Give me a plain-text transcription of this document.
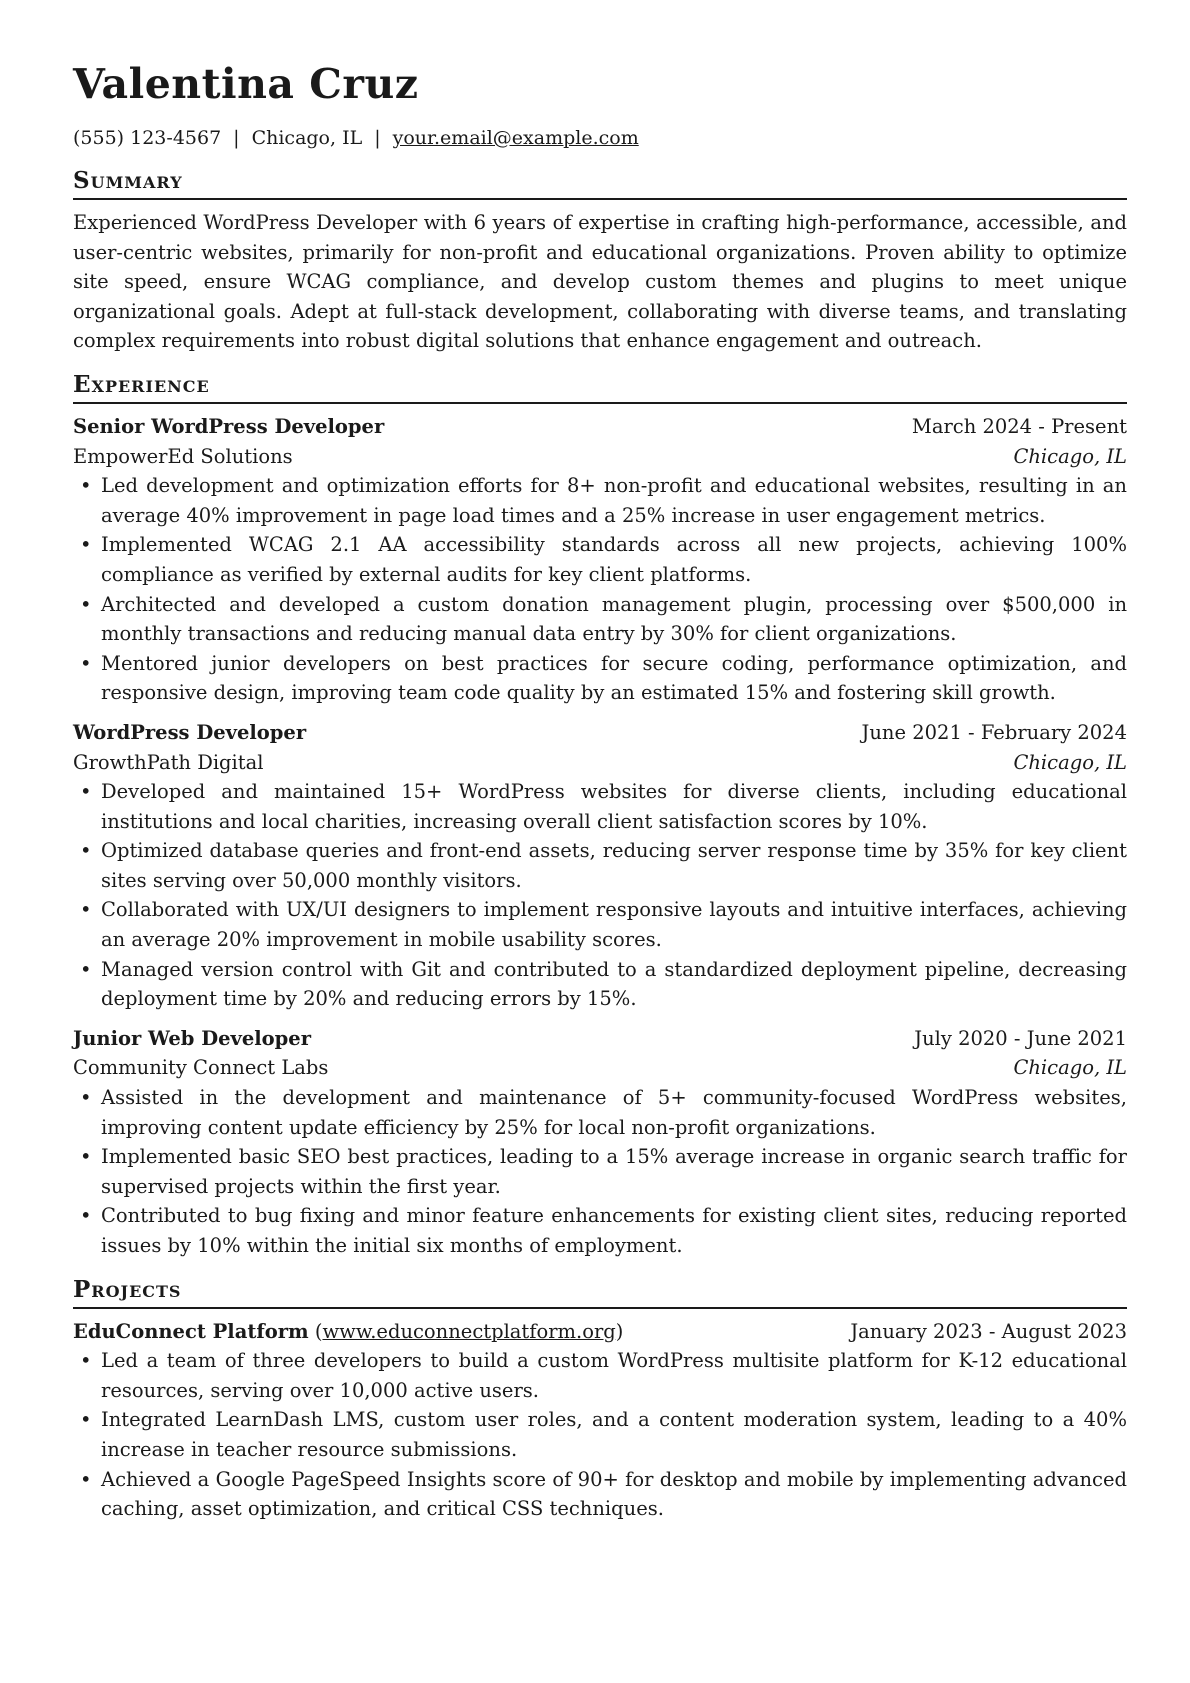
Valentina Cruz
(555) 123-4567 | Chicago, IL | your.email@example.com
Summary

Experienced WordPress Developer with 6 years of expertise in crafting high-performance, accessible, and user-centric websites, primarily for non-profit and educational organizations. Proven ability to optimize site speed, ensure WCAG compliance, and develop custom themes and plugins to meet unique organizational goals. Adept at full-stack development, collaborating with diverse teams, and translating complex requirements into robust digital solutions that enhance engagement and outreach.

Experience
Senior WordPress Developer	March 2024 - Present
EmpowerEd Solutions	Chicago, IL
• Led development and optimization efforts for 8+ non-profit and educational websites, resulting in an average 40% improvement in page load times and a 25% increase in user engagement metrics.
• Implemented WCAG 2.1 AA accessibility standards across all new projects, achieving 100% compliance as verified by external audits for key client platforms.
• Architected and developed a custom donation management plugin, processing over $500,000 in monthly transactions and reducing manual data entry by 30% for client organizations.
• Mentored junior developers on best practices for secure coding, performance optimization, and responsive design, improving team code quality by an estimated 15% and fostering skill growth.
WordPress Developer	June 2021 - February 2024
GrowthPath Digital	Chicago, IL
• Developed and maintained 15+ WordPress websites for diverse clients, including educational institutions and local charities, increasing overall client satisfaction scores by 10%.
• Optimized database queries and front-end assets, reducing server response time by 35% for key client sites serving over 50,000 monthly visitors.
• Collaborated with UX/UI designers to implement responsive layouts and intuitive interfaces, achieving an average 20% improvement in mobile usability scores.
• Managed version control with Git and contributed to a standardized deployment pipeline, decreasing deployment time by 20% and reducing errors by 15%.
Junior Web Developer	July 2020 - June 2021
Community Connect Labs	Chicago, IL
• Assisted in the development and maintenance of 5+ community-focused WordPress websites, improving content update efficiency by 25% for local non-profit organizations.
• Implemented basic SEO best practices, leading to a 15% average increase in organic search traffic for supervised projects within the first year.
• Contributed to bug fixing and minor feature enhancements for existing client sites, reducing reported issues by 10% within the initial six months of employment.
Projects
EduConnect Platform (www.educonnectplatform.org)	January 2023 - August 2023
• Led a team of three developers to build a custom WordPress multisite platform for K-12 educational resources, serving over 10,000 active users.
• Integrated LearnDash LMS, custom user roles, and a content moderation system, leading to a 40% increase in teacher resource submissions.
• Achieved a Google PageSpeed Insights score of 90+ for desktop and mobile by implementing advanced caching, asset optimization, and critical CSS techniques.
